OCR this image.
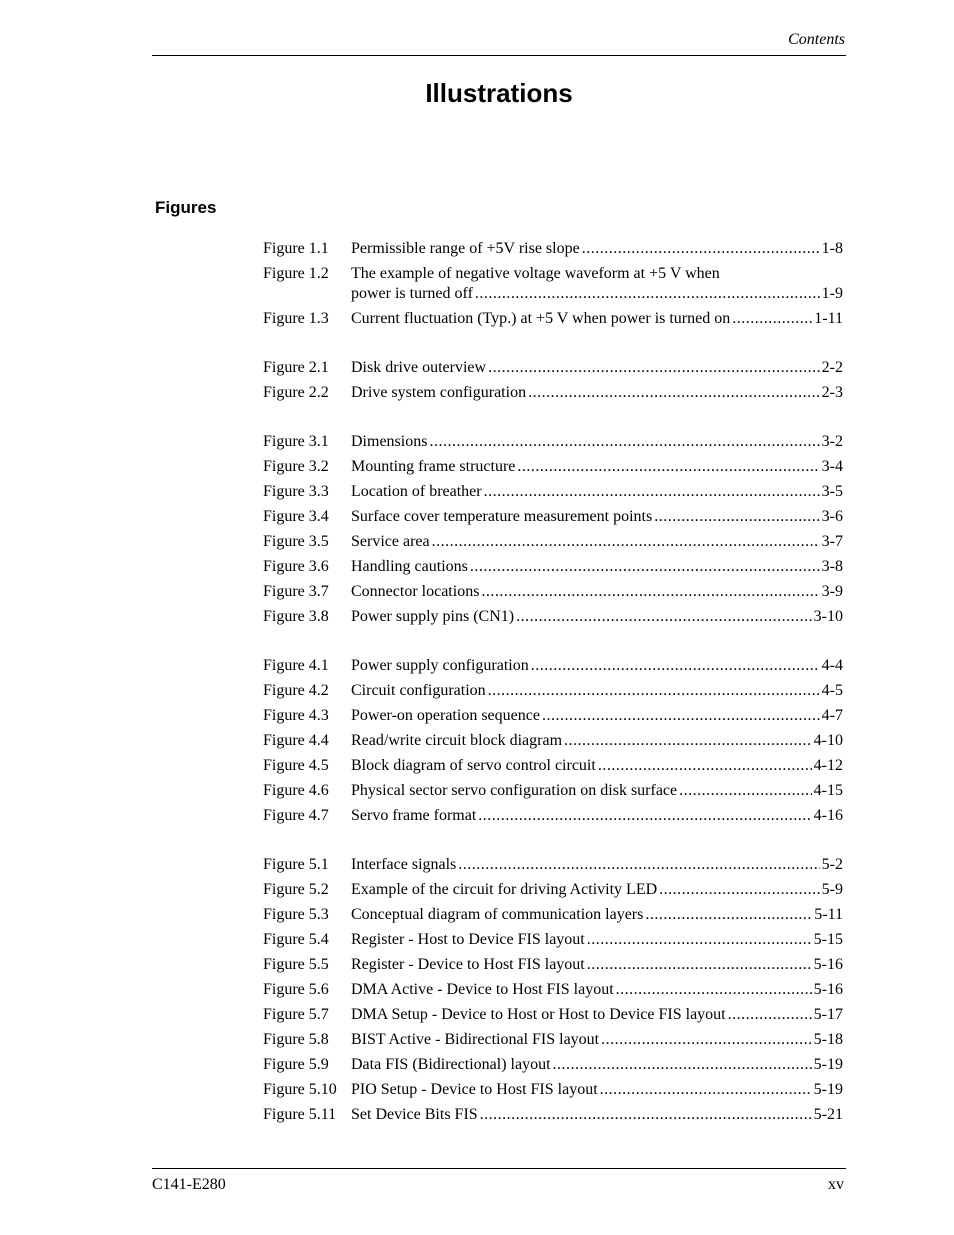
Contents
Illustrations
Figures
Figure 1.1	Permissible range of +5V rise slope .....	1-8
Figure 1.2	The example of negative voltage waveform at +5 V when
power is turned off .....	1-9
Figure 1.3	Current fluctuation (Typ.) at +5 V when power is turned on .....	1-11
Figure 2.1	Disk drive outerview .....	2-2
Figure 2.2	Drive system configuration .....	2-3
Figure 3.1	Dimensions .....	3-2
Figure 3.2	Mounting frame structure .....	3-4
Figure 3.3	Location of breather .....	3-5
Figure 3.4	Surface cover temperature measurement points .....	3-6
Figure 3.5	Service area .....	3-7
Figure 3.6	Handling cautions .....	3-8
Figure 3.7	Connector locations .....	3-9
Figure 3.8	Power supply pins (CN1) .....	3-10
Figure 4.1	Power supply configuration .....	4-4
Figure 4.2	Circuit configuration .....	4-5
Figure 4.3	Power-on operation sequence .....	4-7
Figure 4.4	Read/write circuit block diagram .....	4-10
Figure 4.5	Block diagram of servo control circuit .....	4-12
Figure 4.6	Physical sector servo configuration on disk surface .....	4-15
Figure 4.7	Servo frame format .....	4-16
Figure 5.1	Interface signals .....	5-2
Figure 5.2	Example of the circuit for driving Activity LED .....	5-9
Figure 5.3	Conceptual diagram of communication layers .....	5-11
Figure 5.4	Register - Host to Device FIS layout .....	5-15
Figure 5.5	Register - Device to Host FIS layout .....	5-16
Figure 5.6	DMA Active - Device to Host FIS layout .....	5-16
Figure 5.7	DMA Setup - Device to Host or Host to Device FIS layout .....	5-17
Figure 5.8	BIST Active - Bidirectional FIS layout .....	5-18
Figure 5.9	Data FIS (Bidirectional) layout .....	5-19
Figure 5.10 PIO Setup - Device to Host FIS layout .....	5-19
Figure 5.11 Set Device Bits FIS .....	5-21
C141-E280	xv
